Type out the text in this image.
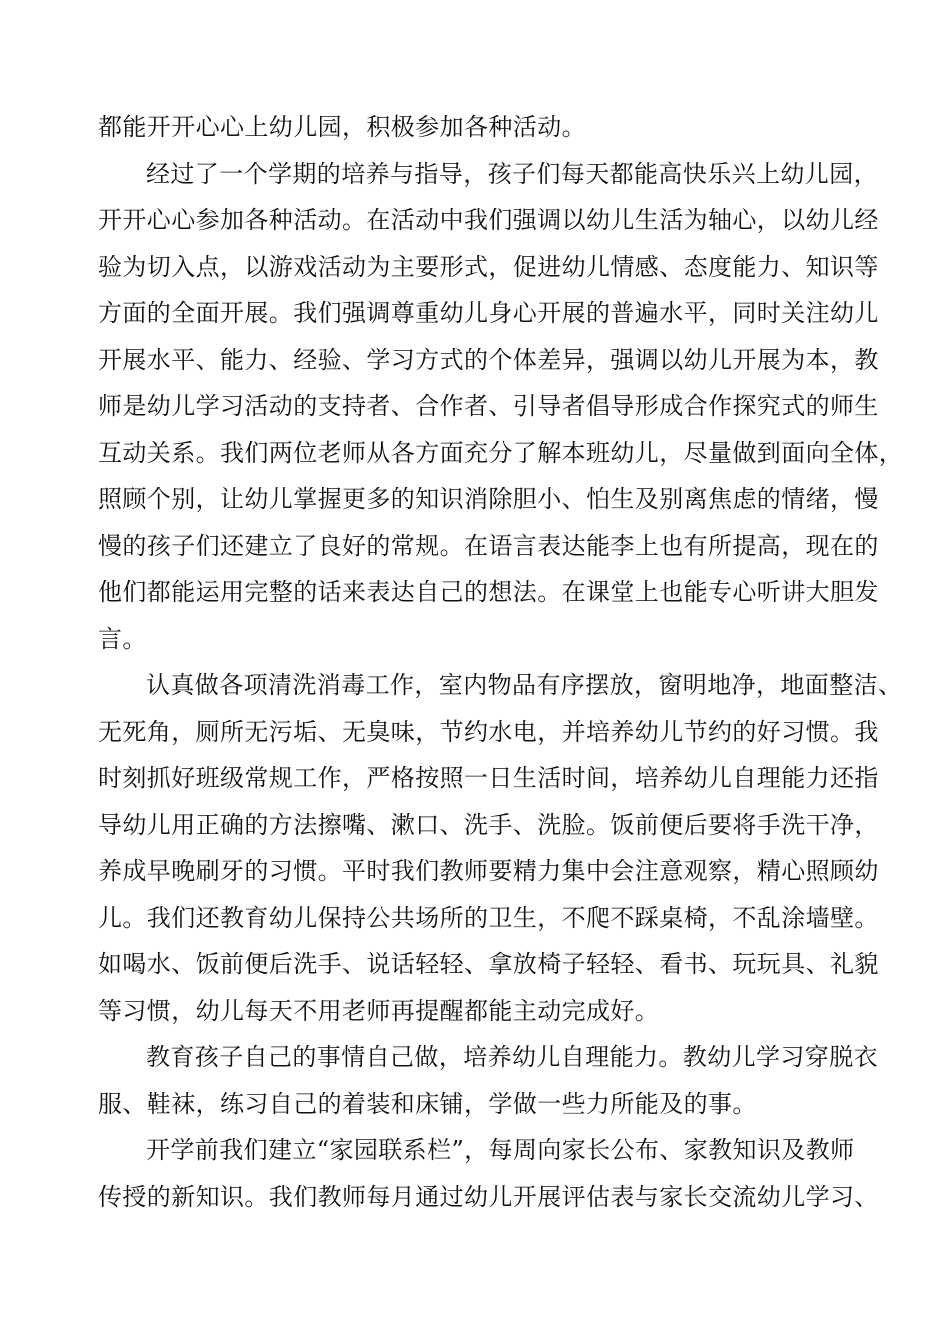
都能开开心心上幼儿园，积极参加各种活动。

经过了一个学期的培养与指导，孩子们每天都能高快乐兴上幼儿园，
开开心心参加各种活动。在活动中我们强调以幼儿生活为轴心，以幼儿经
验为切入点，以游戏活动为主要形式，促进幼儿情感、态度能力、知识等
方面的全面开展。我们强调尊重幼儿身心开展的普遍水平，同时关注幼儿
开展水平、能力、经验、学习方式的个体差异，强调以幼儿开展为本，教
师是幼儿学习活动的支持者、合作者、引导者倡导形成合作探究式的师生
互动关系。我们两位老师从各方面充分了解本班幼儿，尽量做到面向全体，
照顾个别，让幼儿掌握更多的知识消除胆小、怕生及别离焦虑的情绪，慢
慢的孩子们还建立了良好的常规。在语言表达能李上也有所提高，现在的
他们都能运用完整的话来表达自己的想法。在课堂上也能专心听讲大胆发
言。

认真做各项清洗消毒工作，室内物品有序摆放，窗明地净，地面整洁、
无死角，厕所无污垢、无臭味，节约水电，并培养幼儿节约的好习惯。我
时刻抓好班级常规工作，严格按照一日生活时间，培养幼儿自理能力还指
导幼儿用正确的方法擦嘴、漱口、洗手、洗脸。饭前便后要将手洗干净，
养成早晚刷牙的习惯。平时我们教师要精力集中会注意观察，精心照顾幼
儿。我们还教育幼儿保持公共场所的卫生，不爬不踩桌椅，不乱涂墙壁。
如喝水、饭前便后洗手、说话轻轻、拿放椅子轻轻、看书、玩玩具、礼貌
等习惯，幼儿每天不用老师再提醒都能主动完成好。

教育孩子自己的事情自己做，培养幼儿自理能力。教幼儿学习穿脱衣
服、鞋袜，练习自己的着装和床铺，学做一些力所能及的事。

开学前我们建立“家园联系栏”，每周向家长公布、家教知识及教师
传授的新知识。我们教师每月通过幼儿开展评估表与家长交流幼儿学习、
